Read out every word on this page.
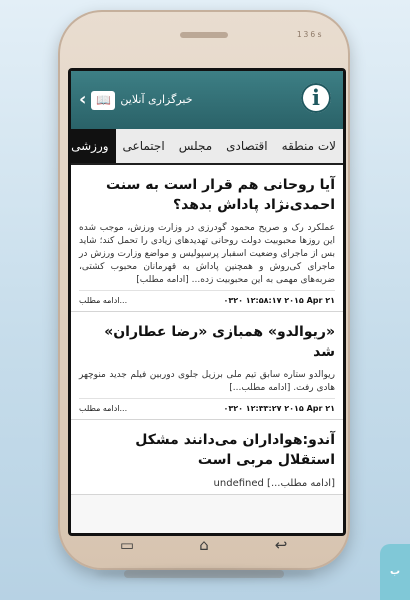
136s
i
‹ 📖 خبرگزاری آنلاین
لات منطقه
اقتصادی
مجلس
اجتماعی
ورزشی
آیا روحانی هم قرار است به سنت احمدی‌نژاد پاداش بدهد؟

عملکرد رک و صریح محمود گودرزی در وزارت ورزش، موجب شده این روزها محبوبیت دولت روحانی تهدیدهای زیادی را تحمل کند؛ شاید بس از ماجرای وضعیت اسفبار پرسپولیس و مواضع وزارت ورزش در ماجرای کی‌روش و همچنین پاداش به قهرمانان محبوب کشتی، ضربه‌های مهمی به این محبوبیت زده... [ادامه مطلب]

ادامه مطلب...	۰۳۲۰ ۱۲:۵۸:۱۷ ۲۰۱۵ Apr ۲۱
«ریوالدو» همبازی «رضا عطاران» شد

ریوالدو ستاره سابق تیم ملی برزیل جلوی دوربین فیلم جدید منوچهر هادی رفت. [ادامه مطلب...]

ادامه مطلب...	۰۳۲۰ ۱۲:۳۳:۲۷ ۲۰۱۵ Apr ۲۱
آندو:هواداران می‌دانند مشکل استقلال مربی است

undefined [...ادامه مطلب]

▭	⌂	↩
ب
